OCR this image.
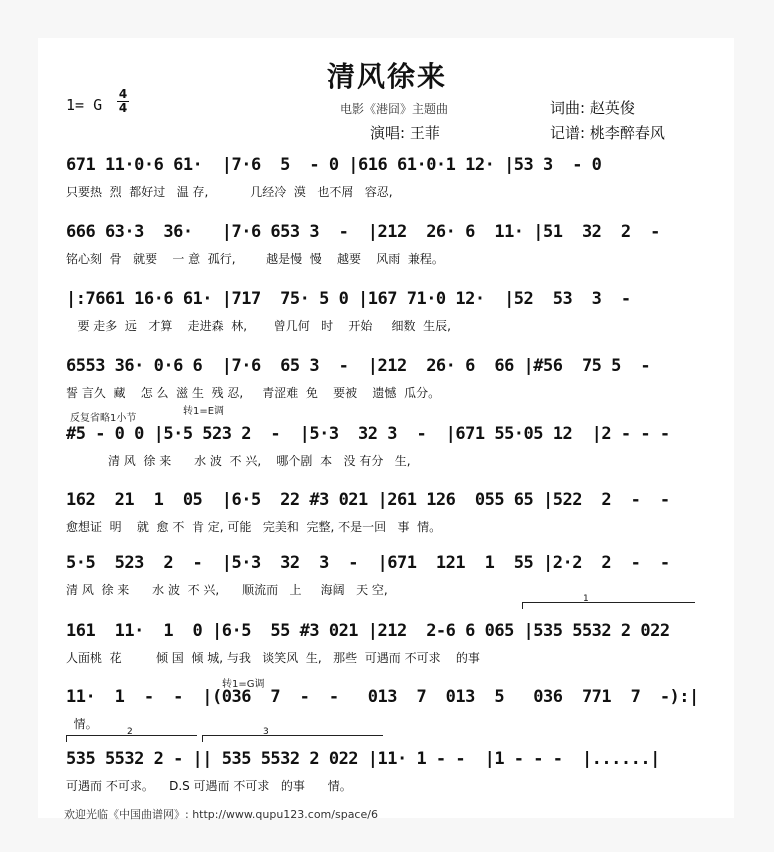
清风徐来
1= G $\frac{4}{4}$	电影《港囧》主题曲
演唱: 王菲
词曲: 赵英俊
记谱: 桃李醉春风
671 11·0·6 61·  |7·6  5  - 0 |616 61·0·1 12· |53 3  - 0
只要热  烈  都好过   温 存,           几经冷  漠   也不屑   容忍,
666 63·3  36·   |7·6 653 3  -  |212  26· 6  11· |51  32  2  -
铭心刻  骨   就要    一 意  孤行,        越是慢  慢    越要    风雨  兼程。
|:7661 16·6 61· |717  75· 5 0 |167 71·0 12·  |52  53  3  -
要 走多  远   才算    走进森  林,       曾几何   时    开始     细数  生辰,
6553 36· 0·6 6  |7·6  65 3  -  |212  26· 6  66 |#56  75 5  -
誓 言久  藏    怎 么  滋 生  残 忍,     青涩难  免    要被    遗憾  瓜分。
反复省略1小节
转1=E调
#5 - 0 0 |5·5 523 2  -  |5·3  32 3  -  |671 55·05 12  |2 - - -
清 风  徐 来      水 波  不 兴,    哪个剧  本   没 有分   生,
162  21  1  05  |6·5  22 #3 021 |261 126  055 65 |522  2  -  -
愈想证  明    就  愈 不  肯 定, 可能   完美和  完整, 不是一回   事  情。
5·5  523  2  -  |5·3  32  3  -  |671  121  1  55 |2·2  2  -  -
清 风  徐 来      水 波  不 兴,      顺流而   上     海阔   天 空,
1
161  11·  1  0 |6·5  55 #3 021 |212  2-6 6 065 |535 5532 2 022
人面桃  花         倾 国  倾 城, 与我   谈笑风  生,   那些  可遇而 不可求    的事
转1=G调
11·  1  -  -  |(036  7  -  -   013  7  013  5   036  771  7  -):|
情。
2	3
535 5532 2 - || 535 5532 2 022 |11· 1 - -  |1 - - -  |......|
可遇而 不可求。    D.S 可遇而 不可求   的事      情。
欢迎光临《中国曲谱网》: http://www.qupu123.com/space/6
